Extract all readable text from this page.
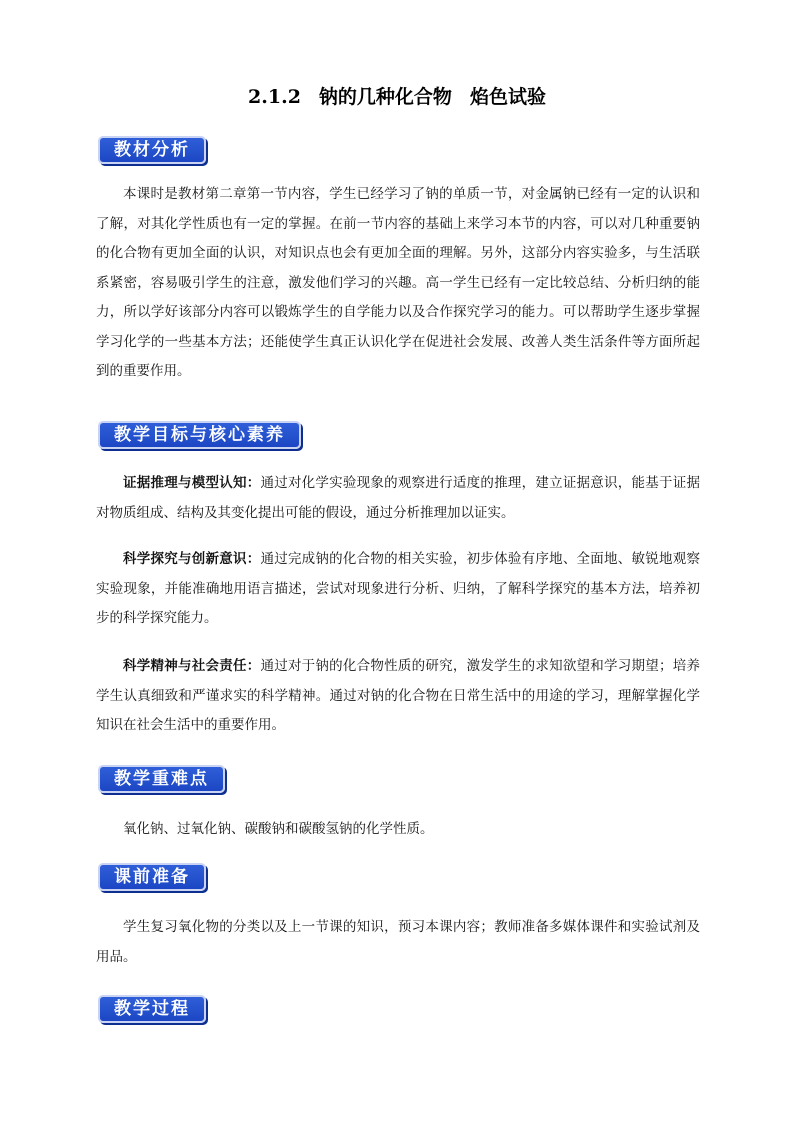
2.1.2 钠的几种化合物 焰色试验
教材分析
本课时是教材第二章第一节内容，学生已经学习了钠的单质一节，对金属钠已经有一定的认识和了解，对其化学性质也有一定的掌握。在前一节内容的基础上来学习本节的内容，可以对几种重要钠的化合物有更加全面的认识，对知识点也会有更加全面的理解。另外，这部分内容实验多，与生活联系紧密，容易吸引学生的注意，激发他们学习的兴趣。高一学生已经有一定比较总结、分析归纳的能力，所以学好该部分内容可以锻炼学生的自学能力以及合作探究学习的能力。可以帮助学生逐步掌握学习化学的一些基本方法；还能使学生真正认识化学在促进社会发展、改善人类生活条件等方面所起到的重要作用。
教学目标与核心素养
证据推理与模型认知：通过对化学实验现象的观察进行适度的推理，建立证据意识，能基于证据对物质组成、结构及其变化提出可能的假设，通过分析推理加以证实。
科学探究与创新意识：通过完成钠的化合物的相关实验，初步体验有序地、全面地、敏锐地观察实验现象，并能准确地用语言描述，尝试对现象进行分析、归纳，了解科学探究的基本方法，培养初步的科学探究能力。
科学精神与社会责任：通过对于钠的化合物性质的研究，激发学生的求知欲望和学习期望；培养学生认真细致和严谨求实的科学精神。通过对钠的化合物在日常生活中的用途的学习，理解掌握化学知识在社会生活中的重要作用。
教学重难点
氧化钠、过氧化钠、碳酸钠和碳酸氢钠的化学性质。
课前准备
学生复习氧化物的分类以及上一节课的知识，预习本课内容；教师准备多媒体课件和实验试剂及用品。
教学过程
